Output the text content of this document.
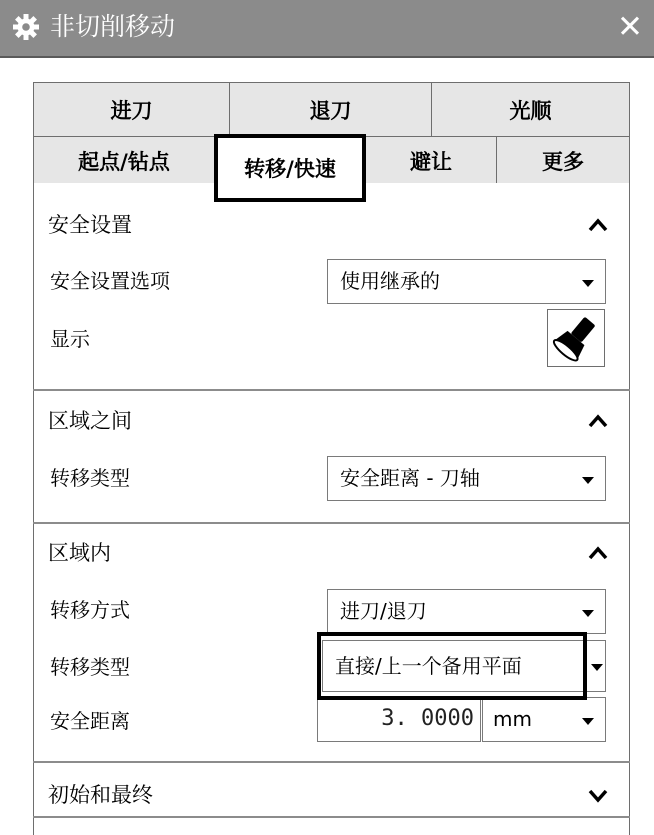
非切削移动	✕
进刀	退刀	光顺
起点/钻点	转移/快速	避让	更多
安全设置
安全设置选项	使用继承的
显示
区域之间
转移类型	安全距离 - 刀轴
区域内
转移方式	进刀/退刀
转移类型	直接/上一个备用平面
安全距离	3. 0000 mm
初始和最终
